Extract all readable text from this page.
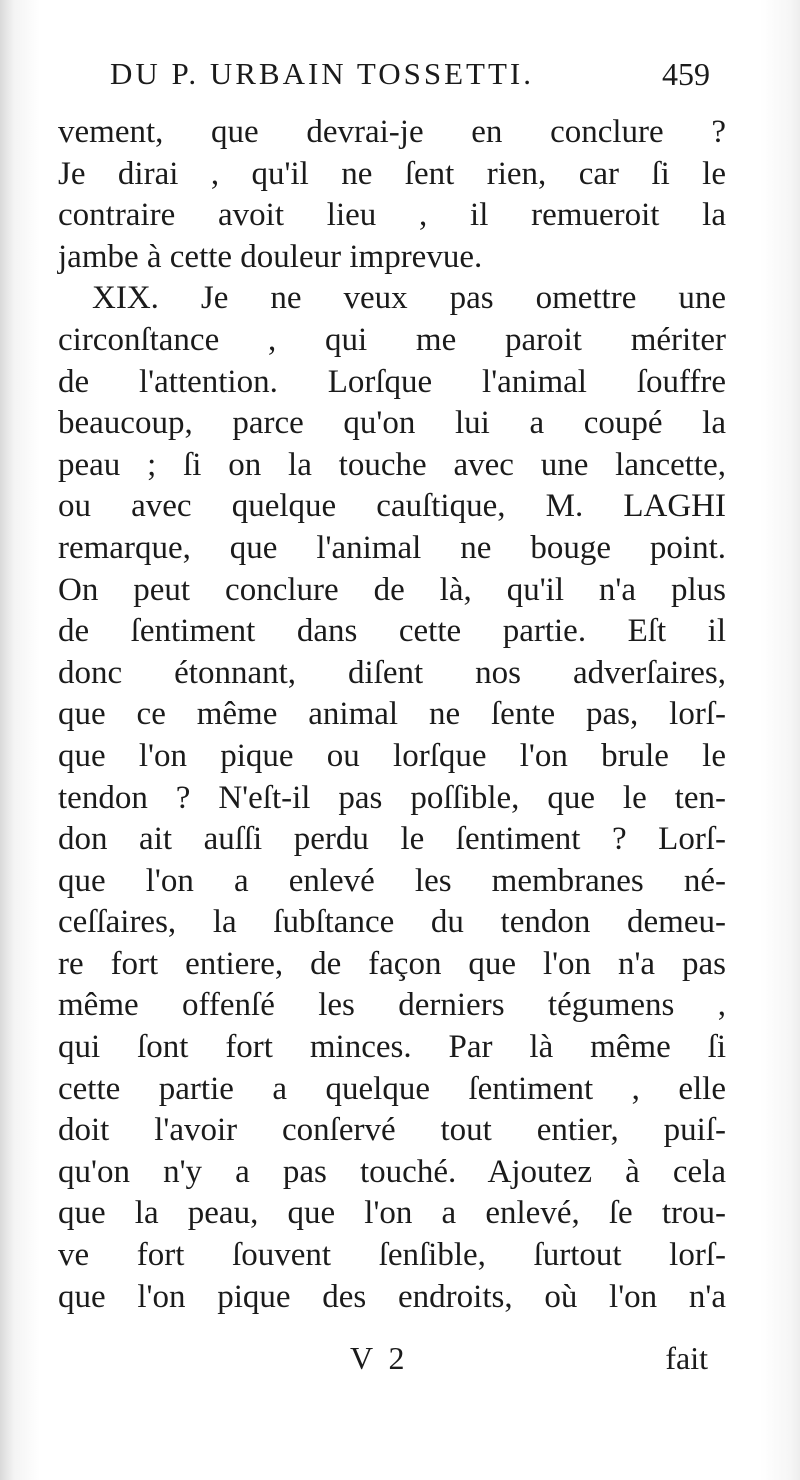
DU P. URBAIN TOSSETTI.	459
vement, que devrai-je en conclure ?
Je dirai , qu'il ne ſent rien, car ſi le
contraire avoit lieu , il remueroit la
jambe à cette douleur imprevue.
XIX. Je ne veux pas omettre une
circonſtance , qui me paroit mériter
de l'attention. Lorſque l'animal ſouffre
beaucoup, parce qu'on lui a coupé la
peau ; ſi on la touche avec une lancette,
ou avec quelque cauſtique, M. LAGHI
remarque, que l'animal ne bouge point.
On peut conclure de là, qu'il n'a plus
de ſentiment dans cette partie. Eſt il
donc étonnant, diſent nos adverſaires,
que ce même animal ne ſente pas, lorſ-
que l'on pique ou lorſque l'on brule le
tendon ? N'eſt-il pas poſſible, que le ten-
don ait auſſi perdu le ſentiment ? Lorſ-
que l'on a enlevé les membranes né-
ceſſaires, la ſubſtance du tendon demeu-
re fort entiere, de façon que l'on n'a pas
même offenſé les derniers tégumens ,
qui ſont fort minces. Par là même ſi
cette partie a quelque ſentiment , elle
doit l'avoir conſervé tout entier, puiſ-
qu'on n'y a pas touché. Ajoutez à cela
que la peau, que l'on a enlevé, ſe trou-
ve fort ſouvent ſenſible, ſurtout lorſ-
que l'on pique des endroits, où l'on n'a
V 2	fait
